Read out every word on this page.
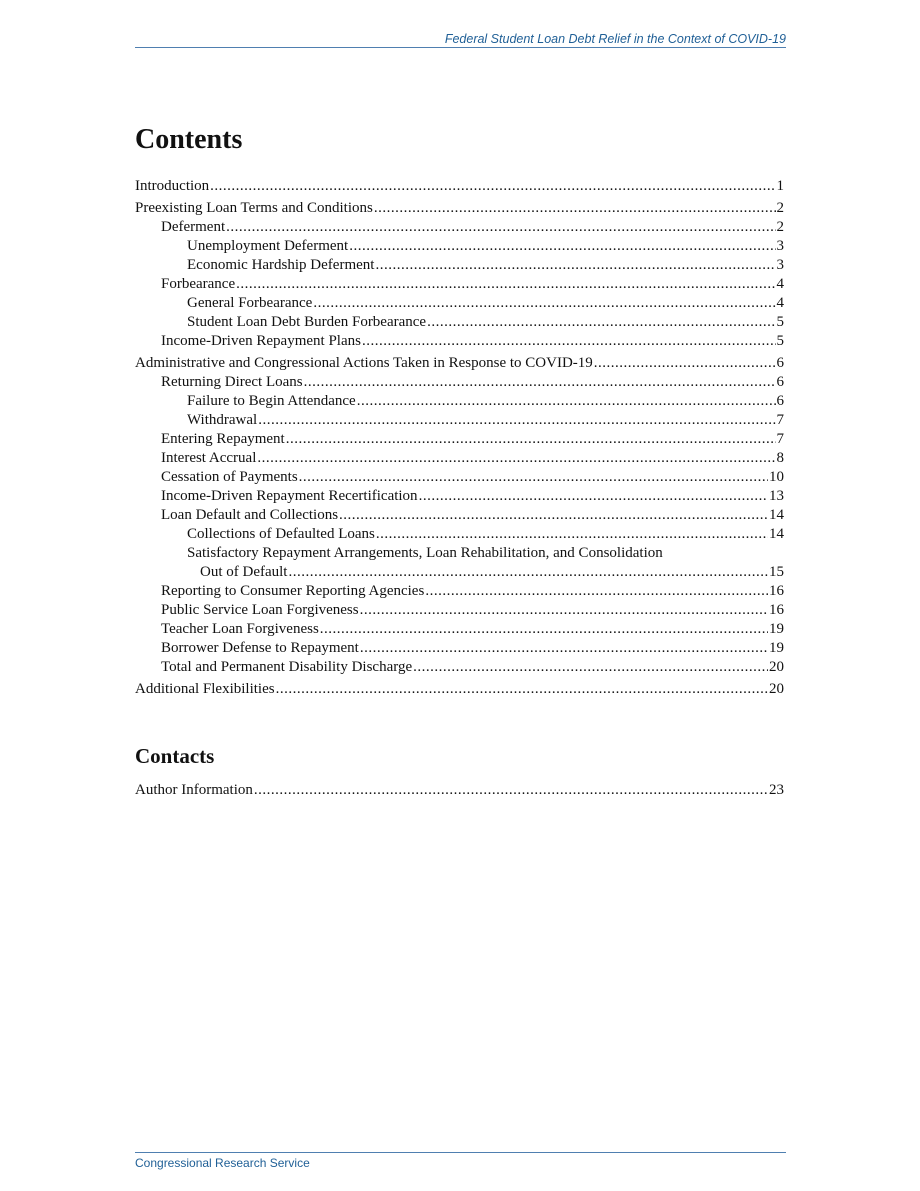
Federal Student Loan Debt Relief in the Context of COVID-19
Contents
Introduction .....	1
Preexisting Loan Terms and Conditions .....	2
Deferment .....	2
Unemployment Deferment .....	3
Economic Hardship Deferment .....	3
Forbearance .....	4
General Forbearance .....	4
Student Loan Debt Burden Forbearance .....	5
Income-Driven Repayment Plans .....	5
Administrative and Congressional Actions Taken in Response to COVID-19 .....	6
Returning Direct Loans .....	6
Failure to Begin Attendance .....	6
Withdrawal .....	7
Entering Repayment .....	7
Interest Accrual .....	8
Cessation of Payments .....	10
Income-Driven Repayment Recertification .....	13
Loan Default and Collections .....	14
Collections of Defaulted Loans .....	14
Satisfactory Repayment Arrangements, Loan Rehabilitation, and Consolidation
Out of Default .....	15
Reporting to Consumer Reporting Agencies .....	16
Public Service Loan Forgiveness .....	16
Teacher Loan Forgiveness .....	19
Borrower Defense to Repayment .....	19
Total and Permanent Disability Discharge .....	20
Additional Flexibilities .....	20
Contacts
Author Information .....	23
Congressional Research Service
